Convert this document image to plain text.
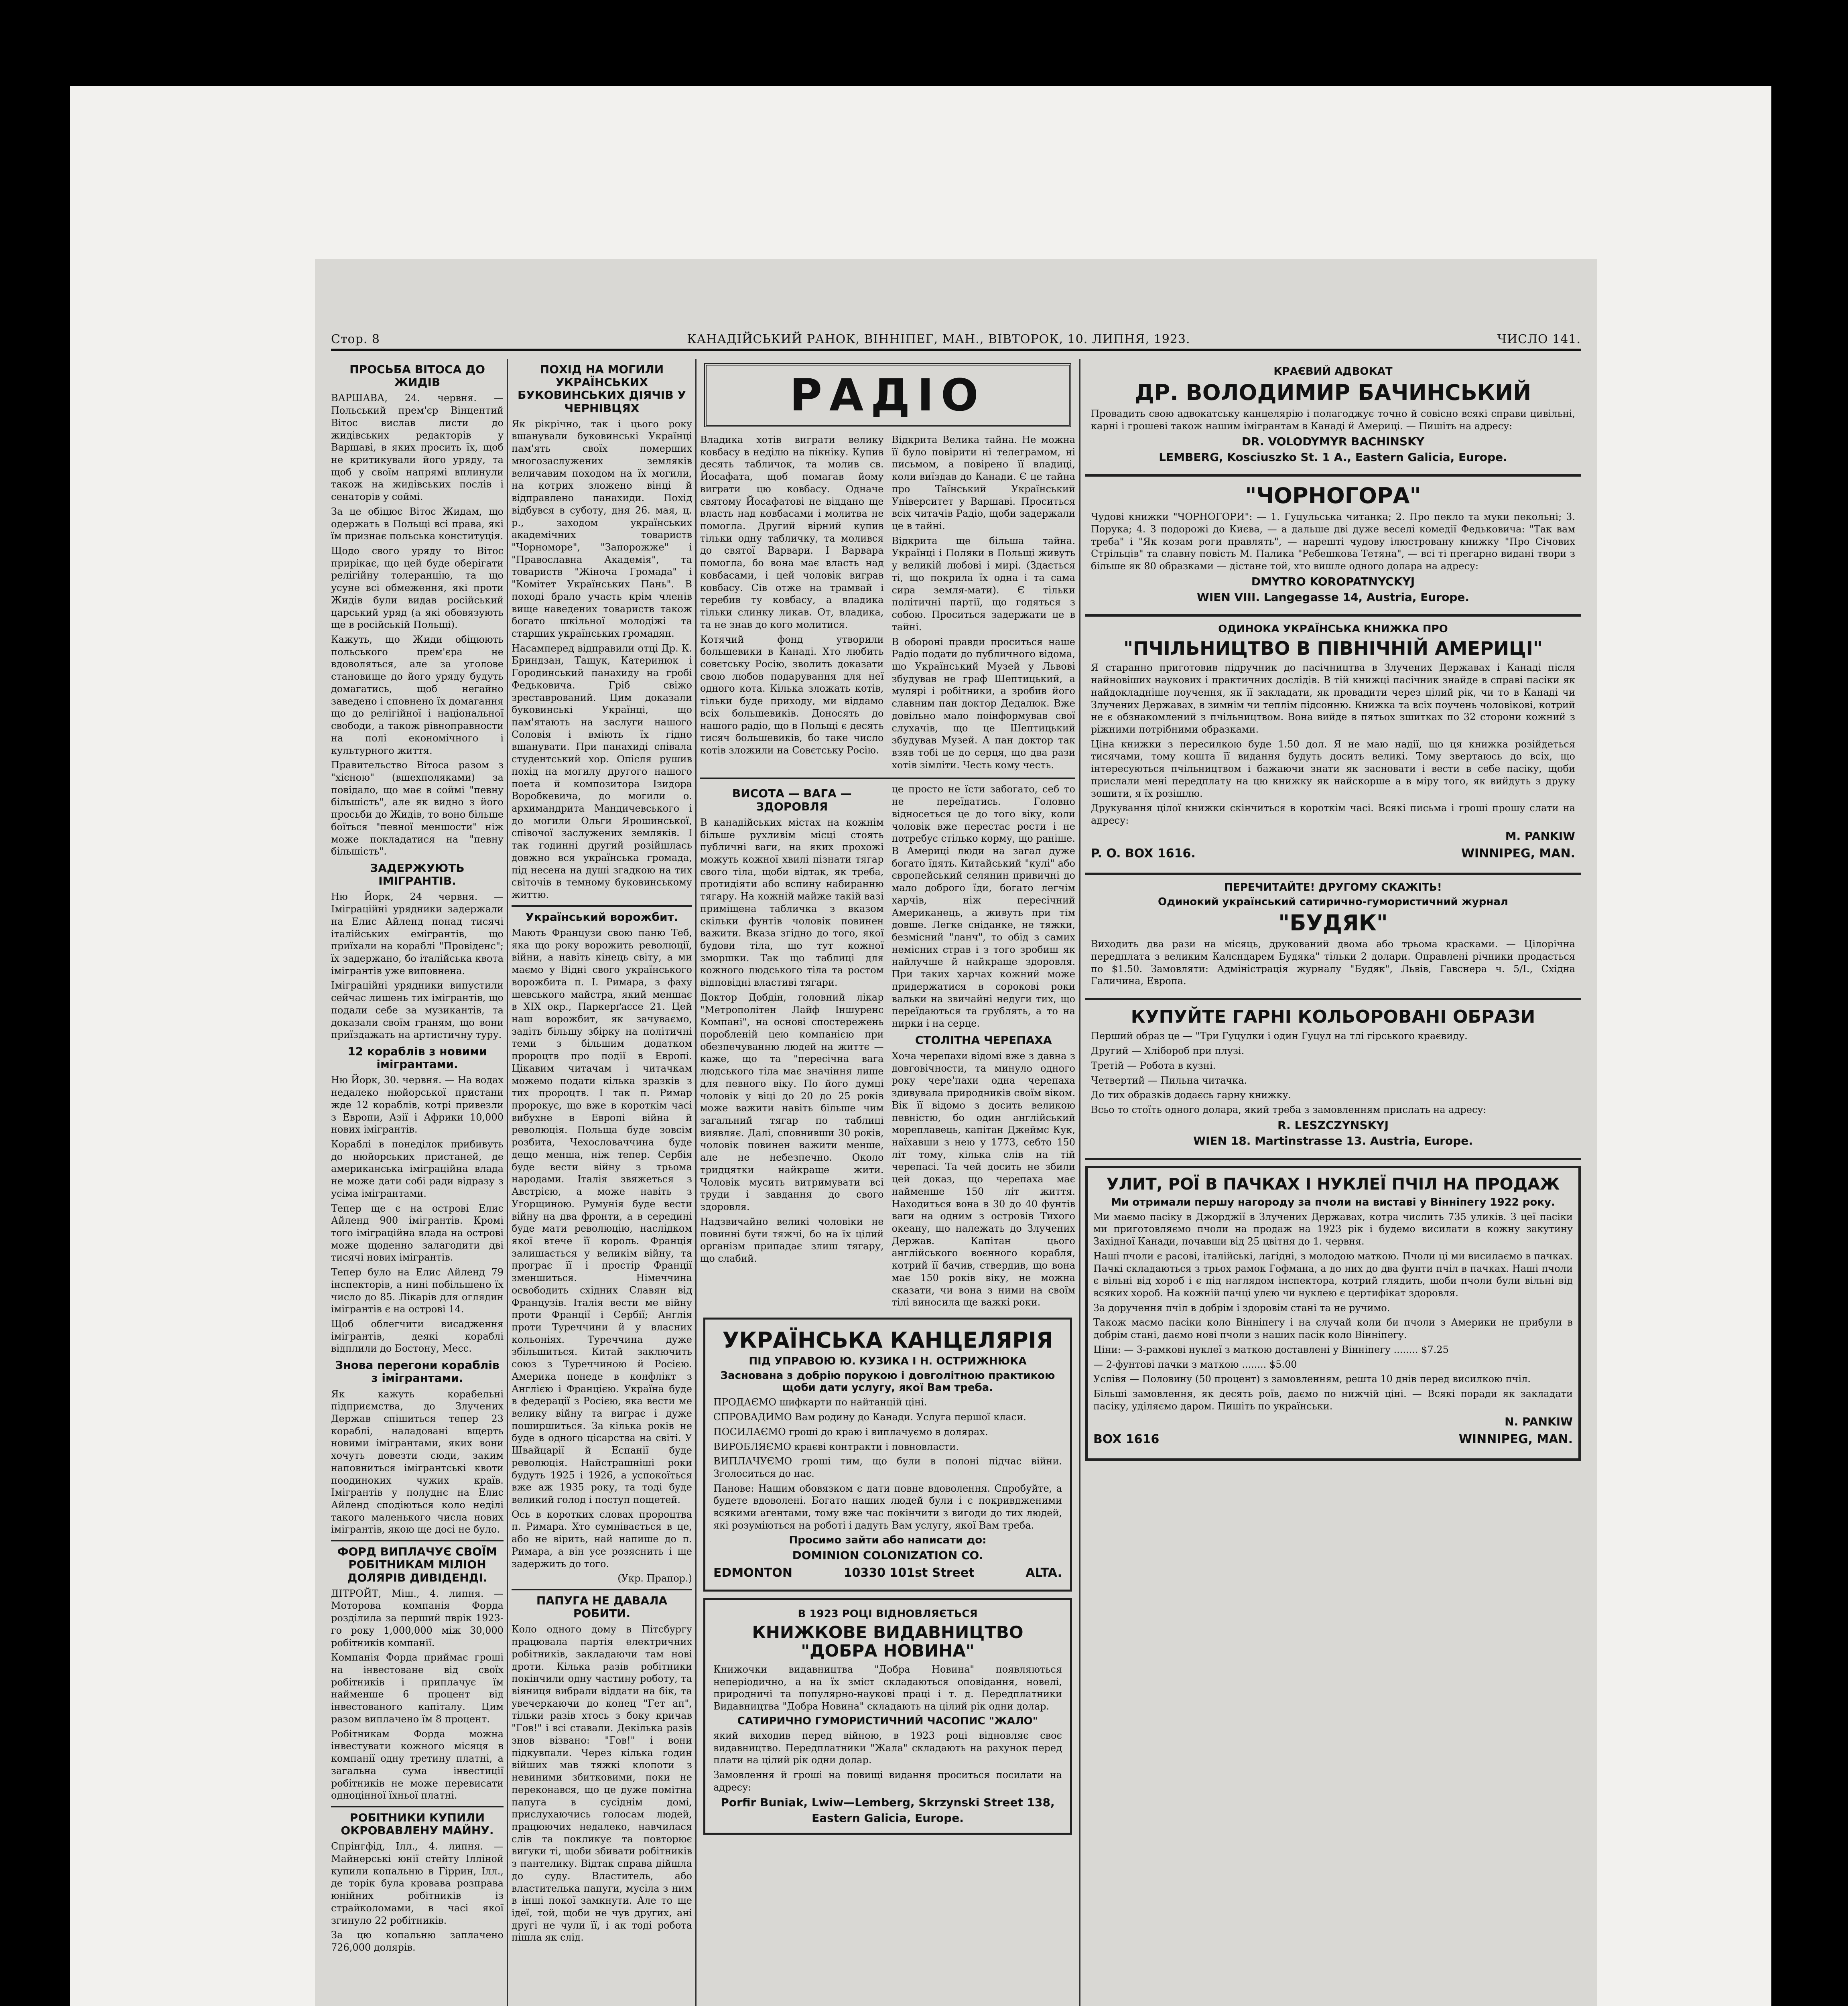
Стор. 8	КАНАДІЙСЬКИЙ РАНОК, ВІННІПЕГ, МАН., ВІВТОРОК, 10. ЛИПНЯ, 1923.	ЧИСЛО 141.
ПРОСЬБА ВІТОСА ДО ЖИДІВ

ВАРШАВА, 24. червня. — Польський прем'єр Вінцентий Вітос вислав листи до жидівських редакторів у Варшаві, в яких просить їх, щоб не критикували його уряду, та щоб у своїм напрямі вплинули також на жидівських послів і сенаторів у соймі.

За це обіцює Вітос Жидам, що одержать в Польщі всі права, які їм признає польська конституція.

Щодо свого уряду то Вітос прирікає, що цей буде оберігати релігійну толеранцію, та що усуне всі обмеження, які проти Жидів були видав російський царський уряд (а які обовязують ще в російській Польщі).

Кажуть, що Жиди обіцюють польського прем'єра не вдоволяться, але за уголове становище до його уряду будуть домагатись, щоб негайно заведено і сповнено їх домагання що до релігійної і національної свободи, а також рівноправности на полі економічного і культурного життя.

Правительство Вітоса разом з "хієною" (вшехполяками) за повідало, що має в соймі "певну більшість", але як видно з його просьби до Жидів, то воно більше боїться "певної меншости" ніж може покладатися на "певну більшість".

ЗАДЕРЖУЮТЬ ІМІГРАНТІВ.

Ню Йорк, 24 червня. — Іміграційні урядники задержали на Елис Айленд понад тисячі італійських емігрантів, що приїхали на кораблі "Провіденс"; їх задержано, бо італійська квота імігрантів уже виповнена.

Іміграційні урядники випустили сейчас лишень тих імігрантів, що подали себе за музикантів, та доказали своїм граням, що вони приїздажать на артистичну туру.

12 кораблів з новими імігрантами.

Ню Йорк, 30. червня. — На водах недалеко нюйорської пристани жде 12 кораблів, котрі привезли з Европи, Азії і Африки 10,000 нових імігрантів.

Кораблі в понеділок прибивуть до нюйорських пристаней, де американська іміграційна влада не може дати собі ради відразу з усіма імігрантами.

Тепер ще є на острові Елис Айленд 900 імігрантів. Кромі того іміграційна влада на острові може щоденно залагодити дві тисячі нових імігрантів.

Тепер було на Елис Айленд 79 інспекторів, а нині побільшено їх число до 85. Лікарів для оглядин імігрантів є на острові 14.

Щоб облегчити висадження імігрантів, деякі кораблі відплили до Бостону, Месс.

Знова перегони кораблів з імігрантами.

Як кажуть корабельні підприємства, до Злучених Держав спішиться тепер 23 кораблі, наладовані вщерть новими імігрантами, яких вони хочуть довезти сюди, заким наповниться імігрантські квоти поодиноких чужих країв. Імігрантів у полуднє на Елис Айленд сподіються коло неділі такого маленького числа нових імігрантів, якою ще досі не було.

ФОРД ВИПЛАЧУЄ СВОЇМ РОБІТНИКАМ МІЛІОН ДОЛЯРІВ ДИВІДЕНДІ.

ДІТРОЙТ, Міш., 4. липня. — Моторова компанія Форда розділила за перший пврік 1923-го року 1,000,000 між 30,000 робітників компанії.

Компанія Форда приймає гроші на інвестоване від своїх робітників і приплачує їм найменше 6 процент від інвестованого капіталу. Цим разом виплачено їм 8 процент.

Робітникам Форда можна інвестувати кожного місяця в компанії одну третину платні, а загальна сума інвестиції робітників не може перевисати одноцінної їхньої платні.

РОБІТНИКИ КУПИЛИ ОКРОВАВЛЕНУ МАЙНУ.

Спрінгфід, Ілл., 4. липня. — Майнерські юнії стейту Ілліной купили копальню в Гіррин, Ілл., де торік була кровава розправа юнійних робітників із страйколомами, в часі якої згинуло 22 робітників.

За цю копальню заплачено 726,000 долярів.

ПОХІД НА МОГИЛИ УКРАЇНСЬКИХ БУКОВИНСЬКИХ ДІЯЧІВ У ЧЕРНІВЦЯХ

Як рікрічно, так і цього року вшанували буковинські Українці пам'ять своїх померших многозаслужених земляків величавим походом на їх могили, на котрих зложено вінці й відправлено панахиди. Похід відбувся в суботу, дня 26. мая, ц. р., заходом українських академічних товариств "Чорноморе", "Запорожже" і "Православна Академія", та товариств "Жіноча Громада" і "Комітет Українських Пань". В поході брало участь крім членів вище наведених товариств також богато шкільної молодіжі та старших українських громадян.

Насамперед відправили отці Др. К. Бриндзан, Тащук, Катеринюк і Городинський панахиду на гробі Федьковича. Гріб свіжо зреставрований. Цим доказали буковинські Українці, що пам'ятають на заслуги нашого Соловія і вміють їх гідно вшанувати. При панахиді співала студентський хор. Опісля рушив похід на могилу другого нашого поета й композитора Ізидора Воробкевича, до могили о. архимандрита Мандичевського і до могили Ольги Ярошинської, співочої заслужених земляків. І так годинні другий розійшлась довжно вся українська громада, під несена на душі згадкою на тих світочів в темному буковинському життю.

Український ворожбит.

Мають Французи свою паню Теб, яка що року ворожить революції, війни, а навіть кінець світу, а ми маємо у Відні свого українського ворожбита п. І. Римара, з фаху шевського майстра, який меншає в ХІХ окр., Паркерґассе 21. Цей наш ворожбит, як зачуваємо, задіть більшу збірку на політичні теми з більшим додатком пророцтв про події в Европі. Цікавим читачам і читачкам можемо подати кілька зразків з тих пророцтв. І так п. Римар пророкує, що вже в короткім часі вибухне в Европі війна й революція. Польща буде зовсім розбита, Чехословаччина буде дещо менша, ніж тепер. Сербія буде вести війну з трьома народами. Італія звяжеться з Австрією, а може навіть з Угорщиною. Румунія буде вести війну на два фронти, а в середині буде мати революцію, наслідком якої втече її король. Франція залишається у великім війну, та програє її і простір Франції зменшиться. Німеччина освободить східних Славян від Французів. Італія вести ме війну проти Франції і Сербії; Англія проти Туреччини й у власних кольоніях. Туреччина дуже збільшиться. Китай заключить союз з Туреччиною й Росією. Америка понеде в конфлікт з Англією і Францією. Україна буде в федерації з Росією, яка вести ме велику війну та виграє і дуже поширшиться. За кілька років не буде в одного цісарства на світі. У Швайцарії й Еспанії буде революція. Найстрашніші роки будуть 1925 і 1926, а успокоїться вже аж 1935 року, та тоді буде великий голод і поступ пощетей.

Ось в коротких словах пророцтва п. Римара. Хто сумнівається в це, або не вірить, най напише до п. Римара, а він усе розяснить і ще задержить до того.

(Укр. Прапор.)

ПАПУГА НЕ ДАВАЛА РОБИТИ.

Коло одного дому в Пітсбургу працювала партія електричних робітників, закладаючи там нові дроти. Кілька разів робітники покінчили одну частину роботу, та віяниця вибрали віддати на бік, та увечеркаючи до конец "Гет ап", тільки разів хтось з боку кричав "Гов!" і всі ставали. Декілька разів знов візвано: "Гов!" і вони підкувпали. Через кілька годин війших мав тяжкі клопоти з невиними збитковими, поки не переконався, що це дуже помітна папуга в сусіднім домі, прислухаючись голосам людей, працюючих недалеко, навчилася слів та покликує та повторює вигуки ті, щоби збивати робітників з пантелику. Відтак справа дійшла до суду. Властитель, або властителька папуги, мусіла з ним в інші покої замкнути. Але то ще ідеї, той, щоби не чув других, ані другі не чули її, і ак тоді робота пішла як слід.

РАДІО

Владика хотів виграти велику ковбасу в неділю на пікніку. Купив десять табличок, та молив св. Йосафата, щоб помагав йому виграти цю ковбасу. Одначе святому Йосафатові не віддано ще власть над ковбасами і молитва не помогла. Другий вірний купив тільки одну табличку, та молився до святої Варвари. І Варвара помогла, бо вона має власть над ковбасами, і цей чоловік виграв ковбасу. Сів отже на трамвай і теребив ту ковбасу, а владика тільки слинку ликав. От, владика, та не знав до кого молитися.

Котячий фонд утворили большевики в Канаді. Хто любить совєтську Росію, зволить доказати свою любов подарування для неї одного кота. Кілька зложать котів, тільки буде приходу, ми віддамо всіх большевиків. Доносять до нашого радіо, що в Польщі є десять тисяч большевиків, бо таке число котів зложили на Совєтську Росію.

Відкрита Велика тайна. Не можна її було повірити ні телеграмом, ні письмом, а повірено її владиці, коли виїздав до Канади. Є це тайна про Таїнський Український Університет у Варшаві. Проситься всіх читачів Радіо, щоби задержали це в тайні.

Відкрита ще більша тайна. Українці і Поляки в Польщі живуть у великій любові і мирі. (Здається ті, що покрила їх одна і та сама сира земля-мати). Є тільки політичні партії, що годяться з собою. Проситься задержати це в тайні.

В обороні правди проситься наше Радіо подати до публичного відома, що Український Музей у Львові збудував не граф Шептицький, а мулярі і робітники, а зробив його славним пан доктор Дедалюк. Вже довільно мало поінформував свої слухачів, що це Шептицький збудував Музей. А пан доктор так взяв тобі це до серця, що два рази хотів зімліти. Честь кому честь.

ВИСОТА — ВАГА — ЗДОРОВЛЯ

В канадійських містах на кожнім більше рухливім місці стоять публичні ваги, на яких прохожі можуть кожної хвилі пізнати тягар свого тіла, щоби відтак, як треба, протидіяти або вспину набиранню тягару. На кожній майже такій вазі приміщена табличка з вказом скільки фунтів чоловік повинен важити. Вказа згідно до того, якої будови тіла, що тут кожної зморшки. Так що таблиці для кожного людського тіла та ростом відповідні властиві тягари.

Доктор Добдін, головний лікар "Метрополітен Лайф Іншуренс Компані", на основі спостережень поробленій цею компанією при обезпечуванню людей на життє — каже, що та "пересічна вага людського тіла має значіння лише для певного віку. По його думці чоловік у віці до 20 до 25 років може важити навіть більше чим загальний тягар по таблиці виявляє. Далі, сповнивши 30 років, чоловік повинен важити менше, але не небезпечно. Около тридцятки найкраще жити. Чоловік мусить витримувати всі труди і завдання до свого здоровля.

Надзвичайно великі чоловіки не повинні бути тяжчі, бо на їх цілий організм припадає злиш тягару, що слабий.

це просто не їсти забогато, себ то не переїдатись. Головно відносеться це до того віку, коли чоловік вже перестає рости і не потребує стілько корму, що раніше. В Америці люди на загал дуже богато їдять. Китайський "кулі" або європейський селянин привичні до мало доброго їди, богато легчім харчів, ніж пересічний Американець, а живуть при тім довше. Легке сніданке, не тяжки, безмісний "ланч", то обід з самих немісних страв і з того зробиш як найлучше й найкраще здоровля. При таких харчах кожний може придержатися в сорокові роки вальки на звичайні недуги тих, що переїдаються та грублять, а то на нирки і на серце.

СТОЛІТНА ЧЕРЕПАХА

Хоча черепахи відомі вже з давна з довговічности, та минуло одного року чере'пахи одна черепаха здивувала природників своїм віком. Вік її відомо з досить великою певністю, бо один англійський мореплавець, капітан Джеймс Кук, наїхавши з нею у 1773, себто 150 літ тому, кілька слів на тій черепасі. Та чей досить не збили цей доказ, що черепаха має найменше 150 літ життя. Находиться вона в 30 до 40 фунтів ваги на одним з островів Тихого океану, що належать до Злучених Держав. Капітан цього англійського воєнного корабля, котрий її бачив, ствердив, що вона має 150 років віку, не можна сказати, чи вона з ними на своїм тілі виносила ще важкі роки.

УКРАЇНСЬКА КАНЦЕЛЯРІЯ
ПІД УПРАВОЮ Ю. КУЗИКА І Н. ОСТРИЖНЮКА
Заснована з добрію порукою і довголітною практикою щоби дати услугу, якої Вам треба.

ПРОДАЄМО шифкарти по найтанцій ціні.

СПРОВАДИМО Вам родину до Канади. Услуга першої класи.

ПОСИЛАЄМО гроші до краю і виплачуємо в долярах.

ВИРОБЛЯЄМО краєві контракти і повновласти.

ВИПЛАЧУЄМО гроші тим, що були в полоні підчас війни. Зголоситься до нас.

Панове: Нашим обовязком є дати повне вдоволення. Спробуйте, а будете вдоволені. Богато наших людей були і є покривдженими всякими агентами, тому вже час покінчити з вигоди до тих людей, які розуміються на роботі і дадуть Вам услугу, якої Вам треба.

Просимо зайти або написати до:
DOMINION COLONIZATION CO.
EDMONTON	10330 101st Street	ALTA.
В 1923 РОЦІ ВІДНОВЛЯЄТЬСЯ
КНИЖКОВЕ ВИДАВНИЦТВО "ДОБРА НОВИНА"

Книжочки видавництва "Добра Новина" появляються неперіодично, а на їх зміст складаються оповідання, новелі, природничі та популярно-наукові праці і т. д. Передплатники Видавництва "Добра Новина" складають на цілий рік одни долар.

САТИРИЧНО ГУМОРИСТИЧНИЙ ЧАСОПИС "ЖАЛО"

який виходив перед війною, в 1923 році відновляє своє видавництво. Передплатники "Жала" складають на рахунок перед плати на цілий рік одни долар.

Замовлення й гроші на повищі видання проситься посилати на адресу:

Porfir Buniak, Lwiw—Lemberg, Skrzynski Street 138,
Eastern Galicia, Europe.
КРАЄВИЙ АДВОКАТ
ДР. ВОЛОДИМИР БАЧИНСЬКИЙ

Провадить свою адвокатську канцелярію і полагоджує точно й совісно всякі справи цивільні, карні і грошеві також нашим імігрантам в Канаді й Америці. — Пишіть на адресу:

DR. VOLODYMYR BACHINSKY
LEMBERG, Kosciuszko St. 1 A., Eastern Galicia, Europe.
"ЧОРНОГОРА"

Чудові книжки "ЧОРНОГОРИ": — 1. Гуцульська читанка; 2. Про пекло та муки пекольні; 3. Порука; 4. З подорожі до Києва, — а дальше дві дуже веселі комедії Федьковича: "Так вам треба" і "Як козам роги правлять", — нарешті чудову ілюстровану книжку "Про Січових Стрільців" та славну повість М. Палика "Ребешкова Тетяна", — всі ті прегарно видані твори з більше як 80 образками — дістане той, хто вишле одного долара на адресу:

DMYTRO KOROPATNYCKYJ
WIEN VIII. Langegasse 14, Austria, Europe.
ОДИНОКА УКРАЇНСЬКА КНИЖКА ПРО
"ПЧІЛЬНИЦТВО В ПІВНІЧНІЙ АМЕРИЦІ"

Я старанно приготовив підручник до пасічництва в Злучених Державах і Канаді після найновіших наукових і практичних дослідів. В тій книжці пасічник знайде в справі пасіки як найдокладніше поучення, як її закладати, як провадити через цілий рік, чи то в Канаді чи Злучених Державах, в зимнім чи теплім підсонню. Книжка та всіх поучень чоловікові, котрий не є обзнакомлений з пчільництвом. Вона вийде в пятьох зшитках по 32 сторони кожний з ріжними потрібними образками.

Ціна книжки з пересилкою буде 1.50 дол. Я не маю надії, що ця книжка розійдеться тисячами, тому кошта її видання будуть досить великі. Тому звертаюсь до всіх, що інтересуються пчільництвом і бажаючи знати як засновати і вести в себе пасіку, щоби прислали мені передплату на цю книжку як найскорше а в міру того, як вийдуть з друку зошити, я їх розішлю.

Друкування цілої книжки скінчиться в короткім часі. Всякі письма і гроші прошу слати на адресу:

M. PANKIW
P. O. BOX 1616.	WINNIPEG, MAN.
ПЕРЕЧИТАЙТЕ! ДРУГОМУ СКАЖІТЬ!
Одинокий український сатирично-гумористичний журнал
"БУДЯК"

Виходить два рази на місяць, друкований двома або трьома красками. — Цілорічна передплата з великим Калєндарем Будяка" тільки 2 долари. Оправлені річники продається по $1.50. Замовляти: Адміністрація журналу "Будяк", Львів, Гавснера ч. 5/І., Східна Галичина, Европа.

КУПУЙТЕ ГАРНІ КОЛЬОРОВАНІ ОБРАЗИ

Перший образ це — "Три Гуцулки і один Гуцул на тлі гірського краєвиду.

Другий — Хлібороб при плузі.

Третій — Робота в кузні.

Четвертий — Пильна читачка.

До тих образків додаєсь гарну книжку.

Всьо то стоїть одного долара, який треба з замовленням прислать на адресу:

R. LESZCZYNSKYJ
WIEN 18. Martinstrasse 13. Austria, Europe.
УЛИТ, РОЇ В ПАЧКАХ І НУКЛЕЇ ПЧІЛ НА ПРОДАЖ
Ми отримали першу нагороду за пчоли на виставі у Вінніпегу 1922 року.

Ми маємо пасіку в Джорджії в Злучених Державах, котра числить 735 уликів. З цеї пасіки ми приготовляємо пчоли на продаж на 1923 рік і будемо висилати в кожну закутину Західної Канади, почавши від 25 цвітня до 1. червня.

Наші пчоли є расові, італійські, лагідні, з молодою маткою. Пчоли ці ми висилаємо в пачках. Пачкі складаються з трьох рамок Гофмана, а до них до два фунти пчіл в пачках. Наші пчоли є вільні від хороб і є під наглядом інспектора, котрий глядить, щоби пчоли були вільні від всяких хороб. На кожній пачці улєю чи нуклею є цертифікат здоровля.

За доручення пчіл в добрім і здоровім стані та не ручимо.

Також маємо пасіки коло Вінніпегу і на случай коли би пчоли з Америки не прибули в добрім стані, даємо нові пчоли з наших пасік коло Вінніпегу.

Ціни: — 3-рамкові нуклеї з маткою доставлені у Вінніпегу ........ $7.25

— 2-фунтові пачки з маткою ........ $5.00

Услівя — Половину (50 процент) з замовленням, решта 10 днів перед висилкою пчіл.

Більші замовлення, як десять роїв, даємо по нижчій ціні. — Всякі поради як закладати пасіку, уділяємо даром. Пишіть по українськи.

N. PANKIW
BOX 1616	WINNIPEG, MAN.
